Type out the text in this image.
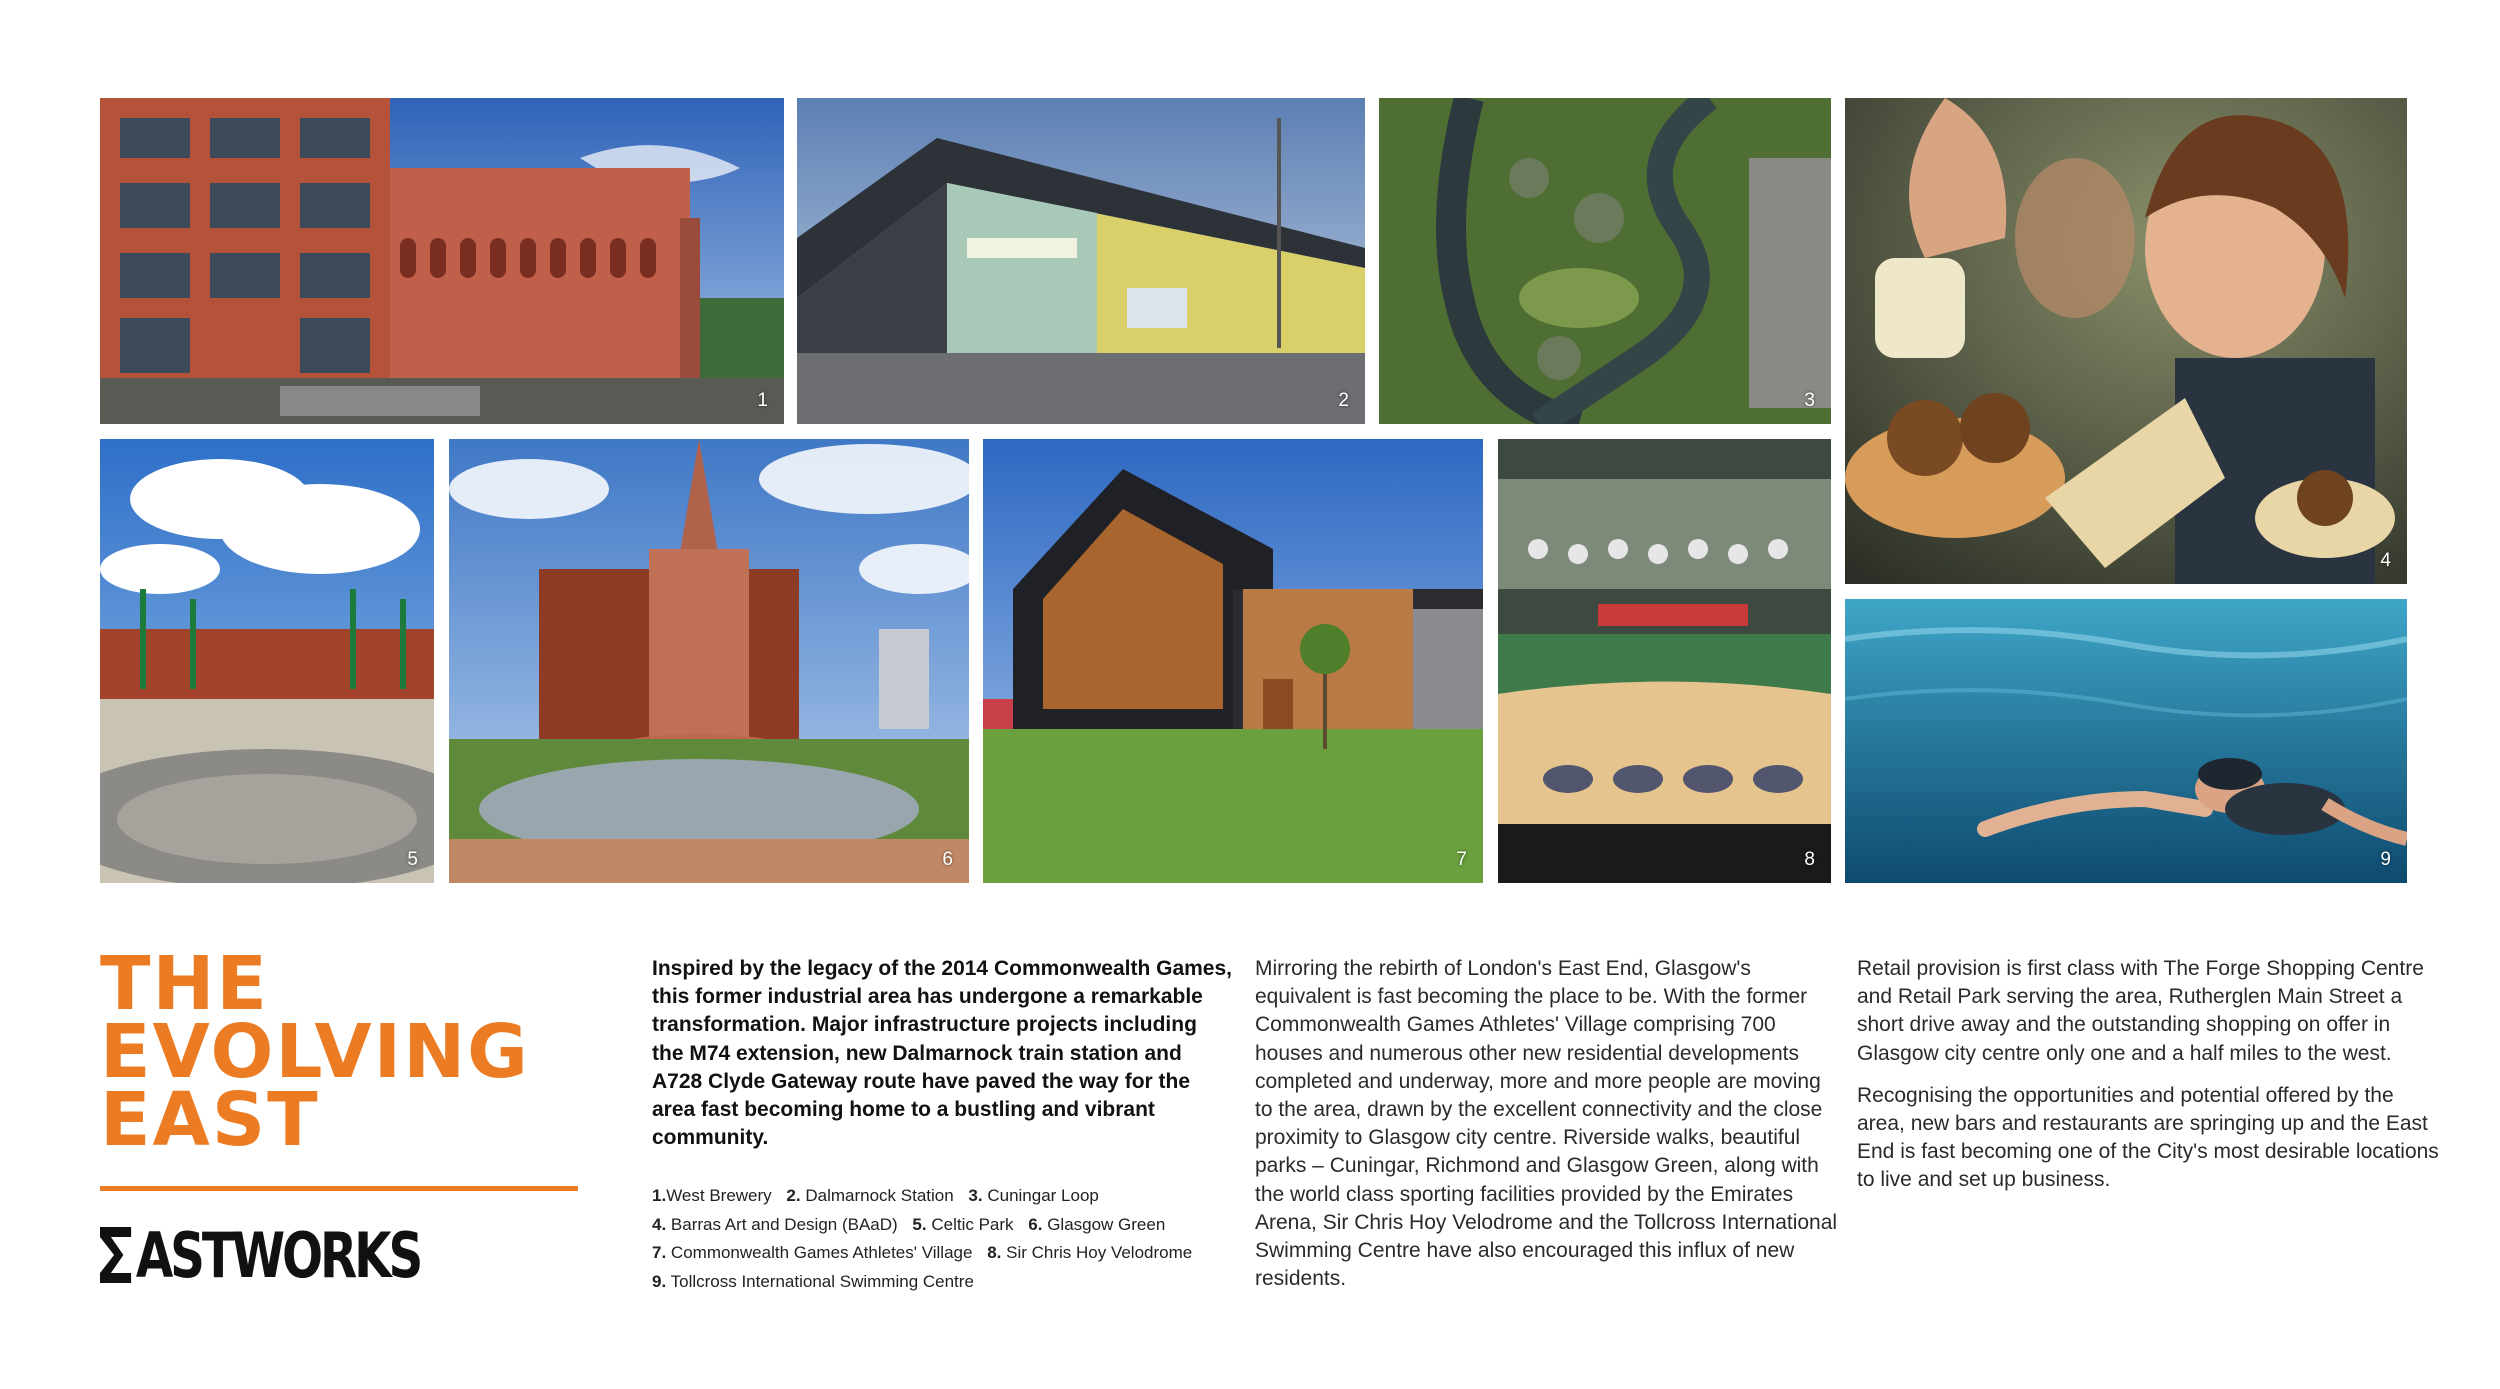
1	2	3
4
5	6	7	8	9
THE
EVOLVING
EAST
ASTWORKS

Inspired by the legacy of the 2014 Commonwealth Games, this former industrial area has undergone a remarkable transformation. Major infrastructure projects including the M74 extension, new Dalmarnock train station and A728 Clyde Gateway route have paved the way for the area fast becoming home to a bustling and vibrant community.

1.West Brewery 2. Dalmarnock Station 3. Cuningar Loop
4. Barras Art and Design (BAaD) 5. Celtic Park 6. Glasgow Green
7. Commonwealth Games Athletes' Village 8. Sir Chris Hoy Velodrome
9. Tollcross International Swimming Centre

Mirroring the rebirth of London's East End, Glasgow's equivalent is fast becoming the place to be. With the former Commonwealth Games Athletes' Village comprising 700 houses and numerous other new residential developments completed and underway, more and more people are moving to the area, drawn by the excellent connectivity and the close proximity to Glasgow city centre. Riverside walks, beautiful parks – Cuningar, Richmond and Glasgow Green, along with the world class sporting facilities provided by the Emirates Arena, Sir Chris Hoy Velodrome and the Tollcross International Swimming Centre have also encouraged this influx of new residents.

Retail provision is first class with The Forge Shopping Centre and Retail Park serving the area, Rutherglen Main Street a short drive away and the outstanding shopping on offer in Glasgow city centre only one and a half miles to the west.

Recognising the opportunities and potential offered by the area, new bars and restaurants are springing up and the East End is fast becoming one of the City's most desirable locations to live and set up business.
